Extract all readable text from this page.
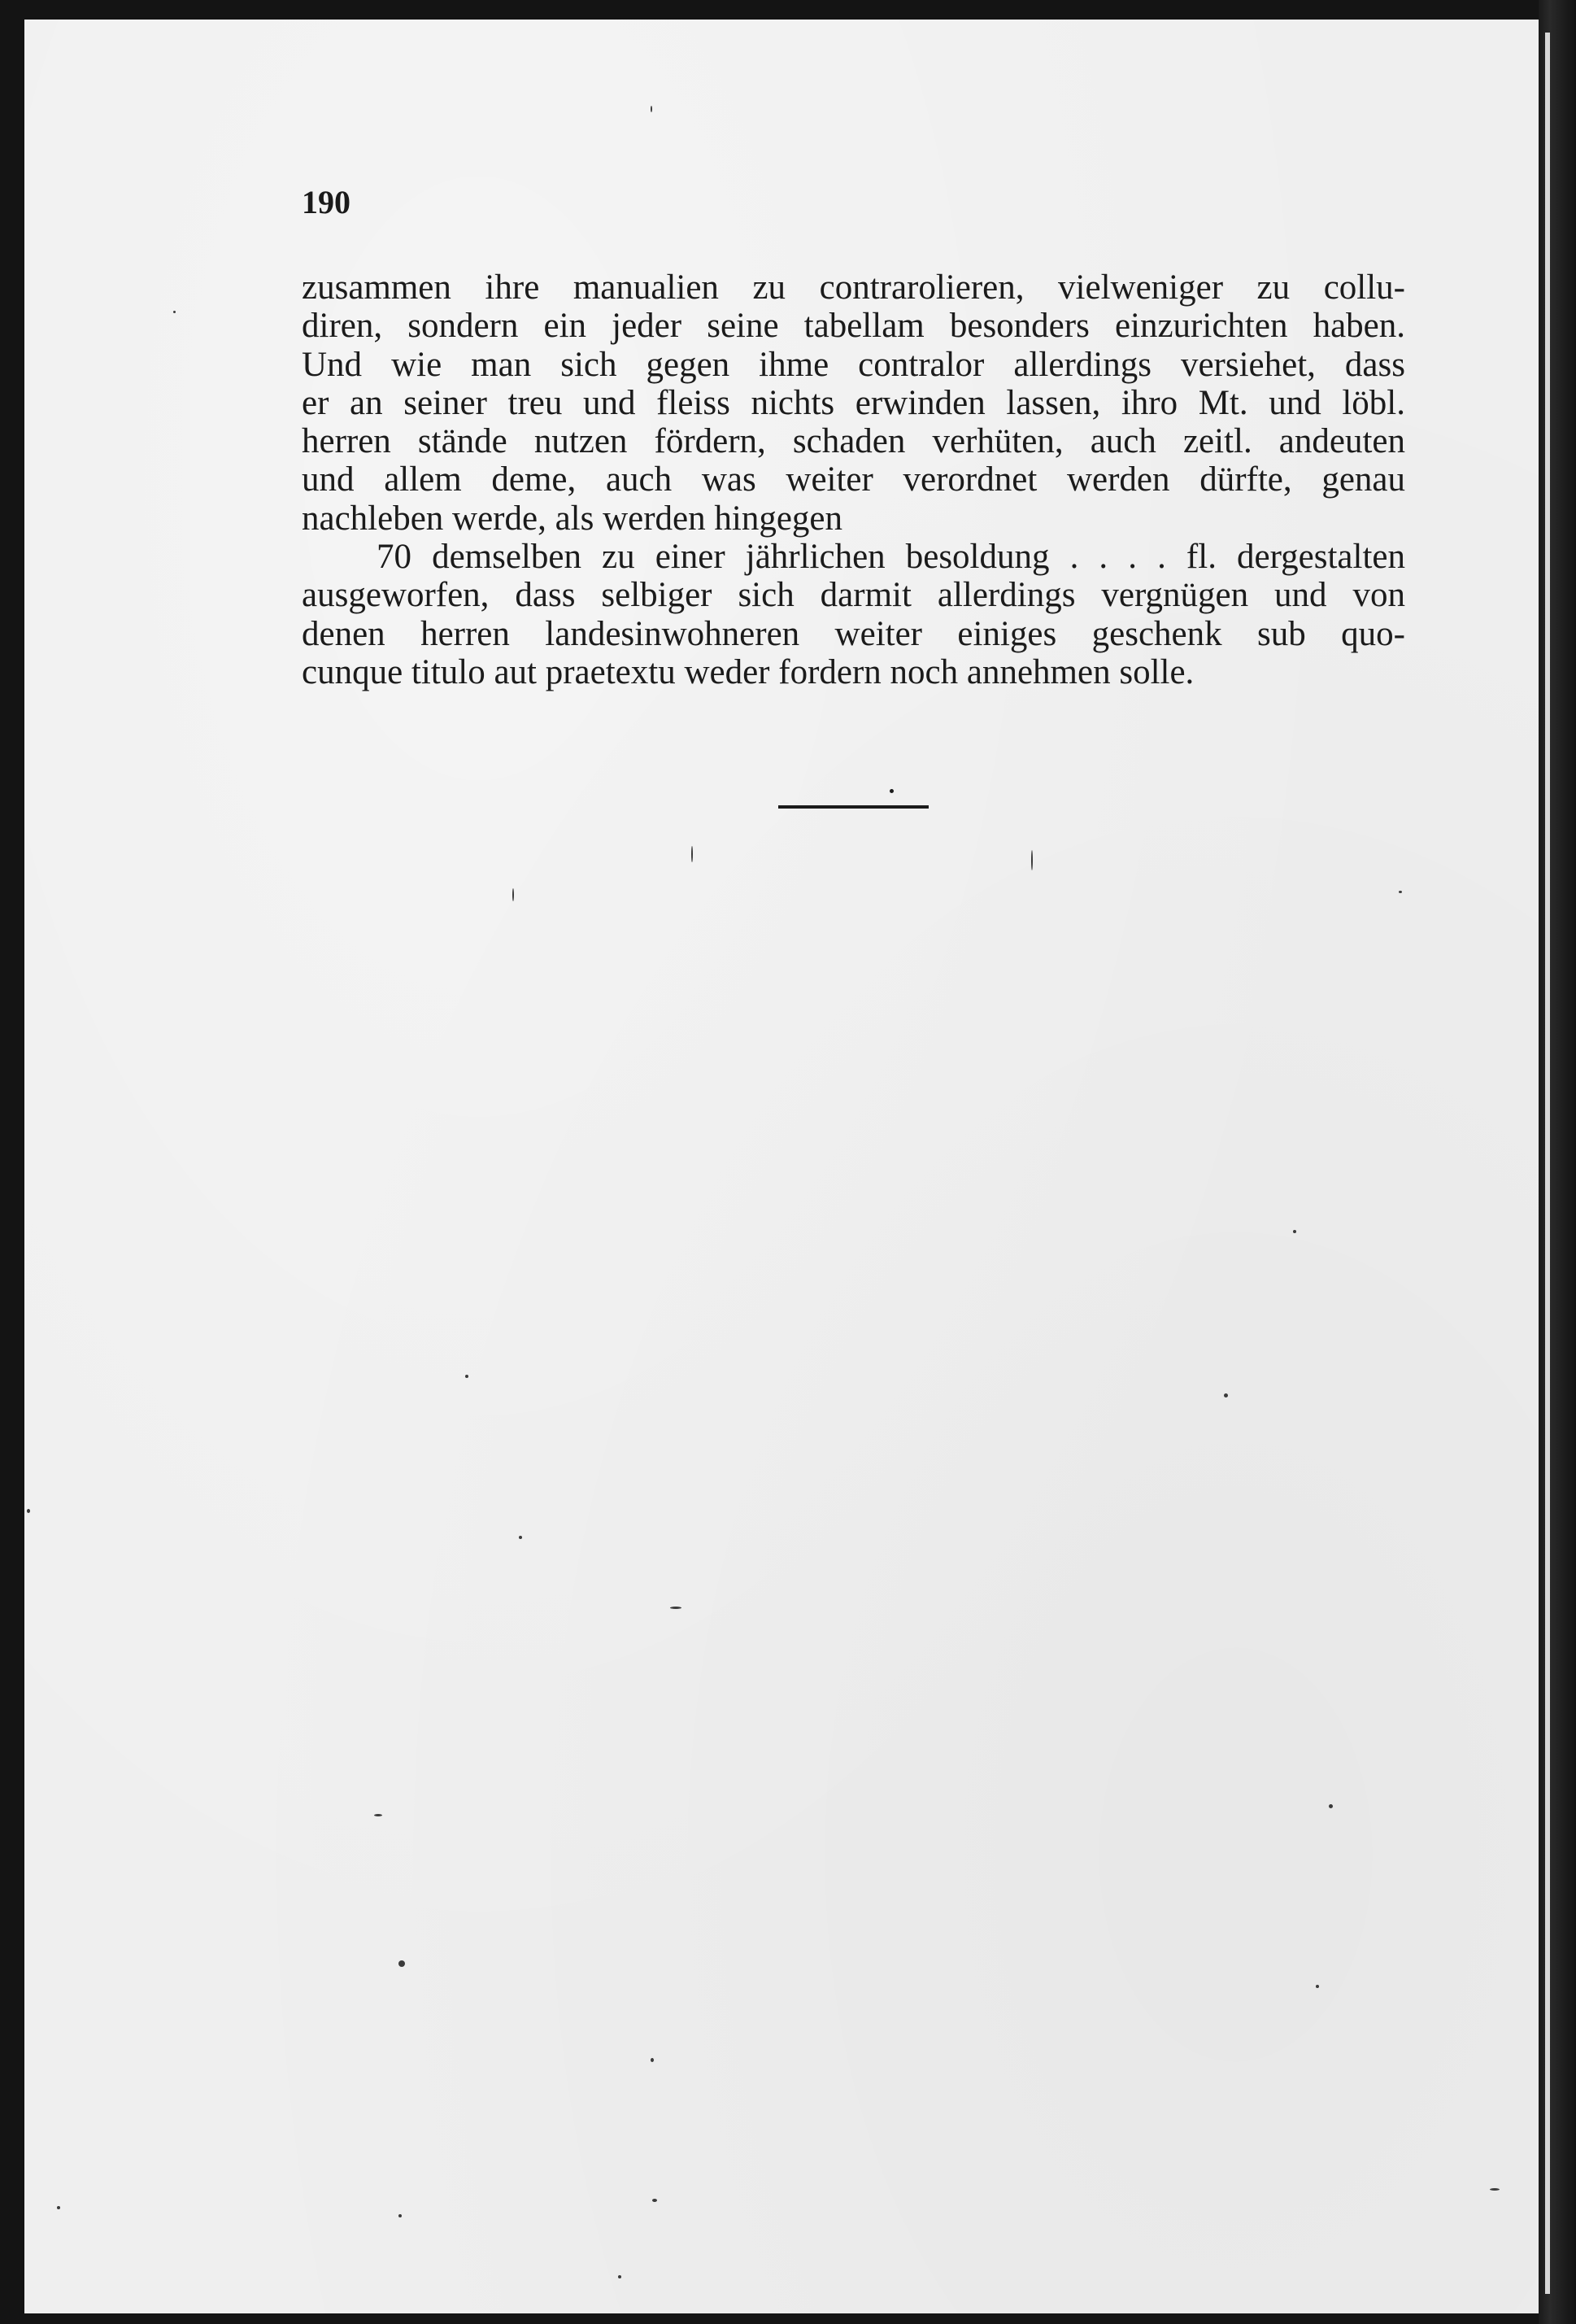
190

zusammen ihre manualien zu contrarolieren, vielweniger zu collu-
diren, sondern ein jeder seine tabellam besonders einzurichten haben.
Und wie man sich gegen ihme contralor allerdings versiehet, dass
er an seiner treu und fleiss nichts erwinden lassen, ihro Mt. und löbl.
herren stände nutzen fördern, schaden verhüten, auch zeitl. andeuten
und allem deme, auch was weiter verordnet werden dürfte, genau
nachleben werde, als werden hingegen
70 demselben zu einer jährlichen besoldung . . . . fl. dergestalten
ausgeworfen, dass selbiger sich darmit allerdings vergnügen und von
denen herren landesinwohneren weiter einiges geschenk sub quo-
cunque titulo aut praetextu weder fordern noch annehmen solle.
